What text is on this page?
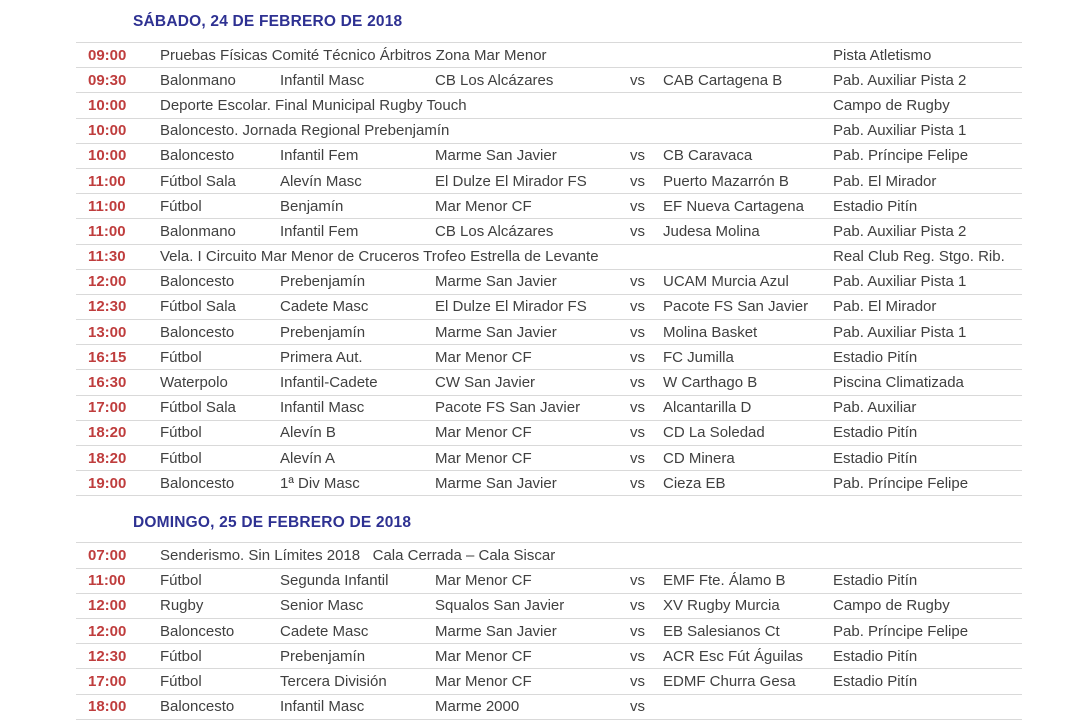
SÁBADO, 24 DE FEBRERO DE 2018
09:00	Pruebas Físicas Comité Técnico Árbitros Zona Mar Menor	Pista Atletismo
09:30	Balonmano	Infantil Masc	CB Los Alcázares	vs	CAB Cartagena B	Pab. Auxiliar Pista 2
10:00	Deporte Escolar. Final Municipal Rugby Touch	Campo de Rugby
10:00	Baloncesto. Jornada Regional Prebenjamín	Pab. Auxiliar Pista 1
10:00	Baloncesto	Infantil Fem	Marme San Javier	vs	CB Caravaca	Pab. Príncipe Felipe
11:00	Fútbol Sala	Alevín Masc	El Dulze El Mirador FS	vs	Puerto Mazarrón B	Pab. El Mirador
11:00	Fútbol	Benjamín	Mar Menor CF	vs	EF Nueva Cartagena	Estadio Pitín
11:00	Balonmano	Infantil Fem	CB Los Alcázares	vs	Judesa Molina	Pab. Auxiliar Pista 2
11:30	Vela. I Circuito Mar Menor de Cruceros Trofeo Estrella de Levante	Real Club Reg. Stgo. Rib.
12:00	Baloncesto	Prebenjamín	Marme San Javier	vs	UCAM Murcia Azul	Pab. Auxiliar Pista 1
12:30	Fútbol Sala	Cadete Masc	El Dulze El Mirador FS	vs	Pacote FS San Javier	Pab. El Mirador
13:00	Baloncesto	Prebenjamín	Marme San Javier	vs	Molina Basket	Pab. Auxiliar Pista 1
16:15	Fútbol	Primera Aut.	Mar Menor CF	vs	FC Jumilla	Estadio Pitín
16:30	Waterpolo	Infantil-Cadete	CW San Javier	vs	W Carthago B	Piscina Climatizada
17:00	Fútbol Sala	Infantil Masc	Pacote FS San Javier	vs	Alcantarilla D	Pab. Auxiliar
18:20	Fútbol	Alevín B	Mar Menor CF	vs	CD La Soledad	Estadio Pitín
18:20	Fútbol	Alevín A	Mar Menor CF	vs	CD Minera	Estadio Pitín
19:00	Baloncesto	1ª Div Masc	Marme San Javier	vs	Cieza EB	Pab. Príncipe Felipe
DOMINGO, 25 DE FEBRERO DE 2018
07:00	Senderismo. Sin Límites 2018   Cala Cerrada – Cala Siscar
11:00	Fútbol	Segunda Infantil	Mar Menor CF	vs	EMF Fte. Álamo B	Estadio Pitín
12:00	Rugby	Senior Masc	Squalos San Javier	vs	XV Rugby Murcia	Campo de Rugby
12:00	Baloncesto	Cadete Masc	Marme San Javier	vs	EB Salesianos Ct	Pab. Príncipe Felipe
12:30	Fútbol	Prebenjamín	Mar Menor CF	vs	ACR Esc Fút Águilas	Estadio Pitín
17:00	Fútbol	Tercera División	Mar Menor CF	vs	EDMF Churra Gesa	Estadio Pitín
18:00	Baloncesto	Infantil Masc	Marme 2000	vs
